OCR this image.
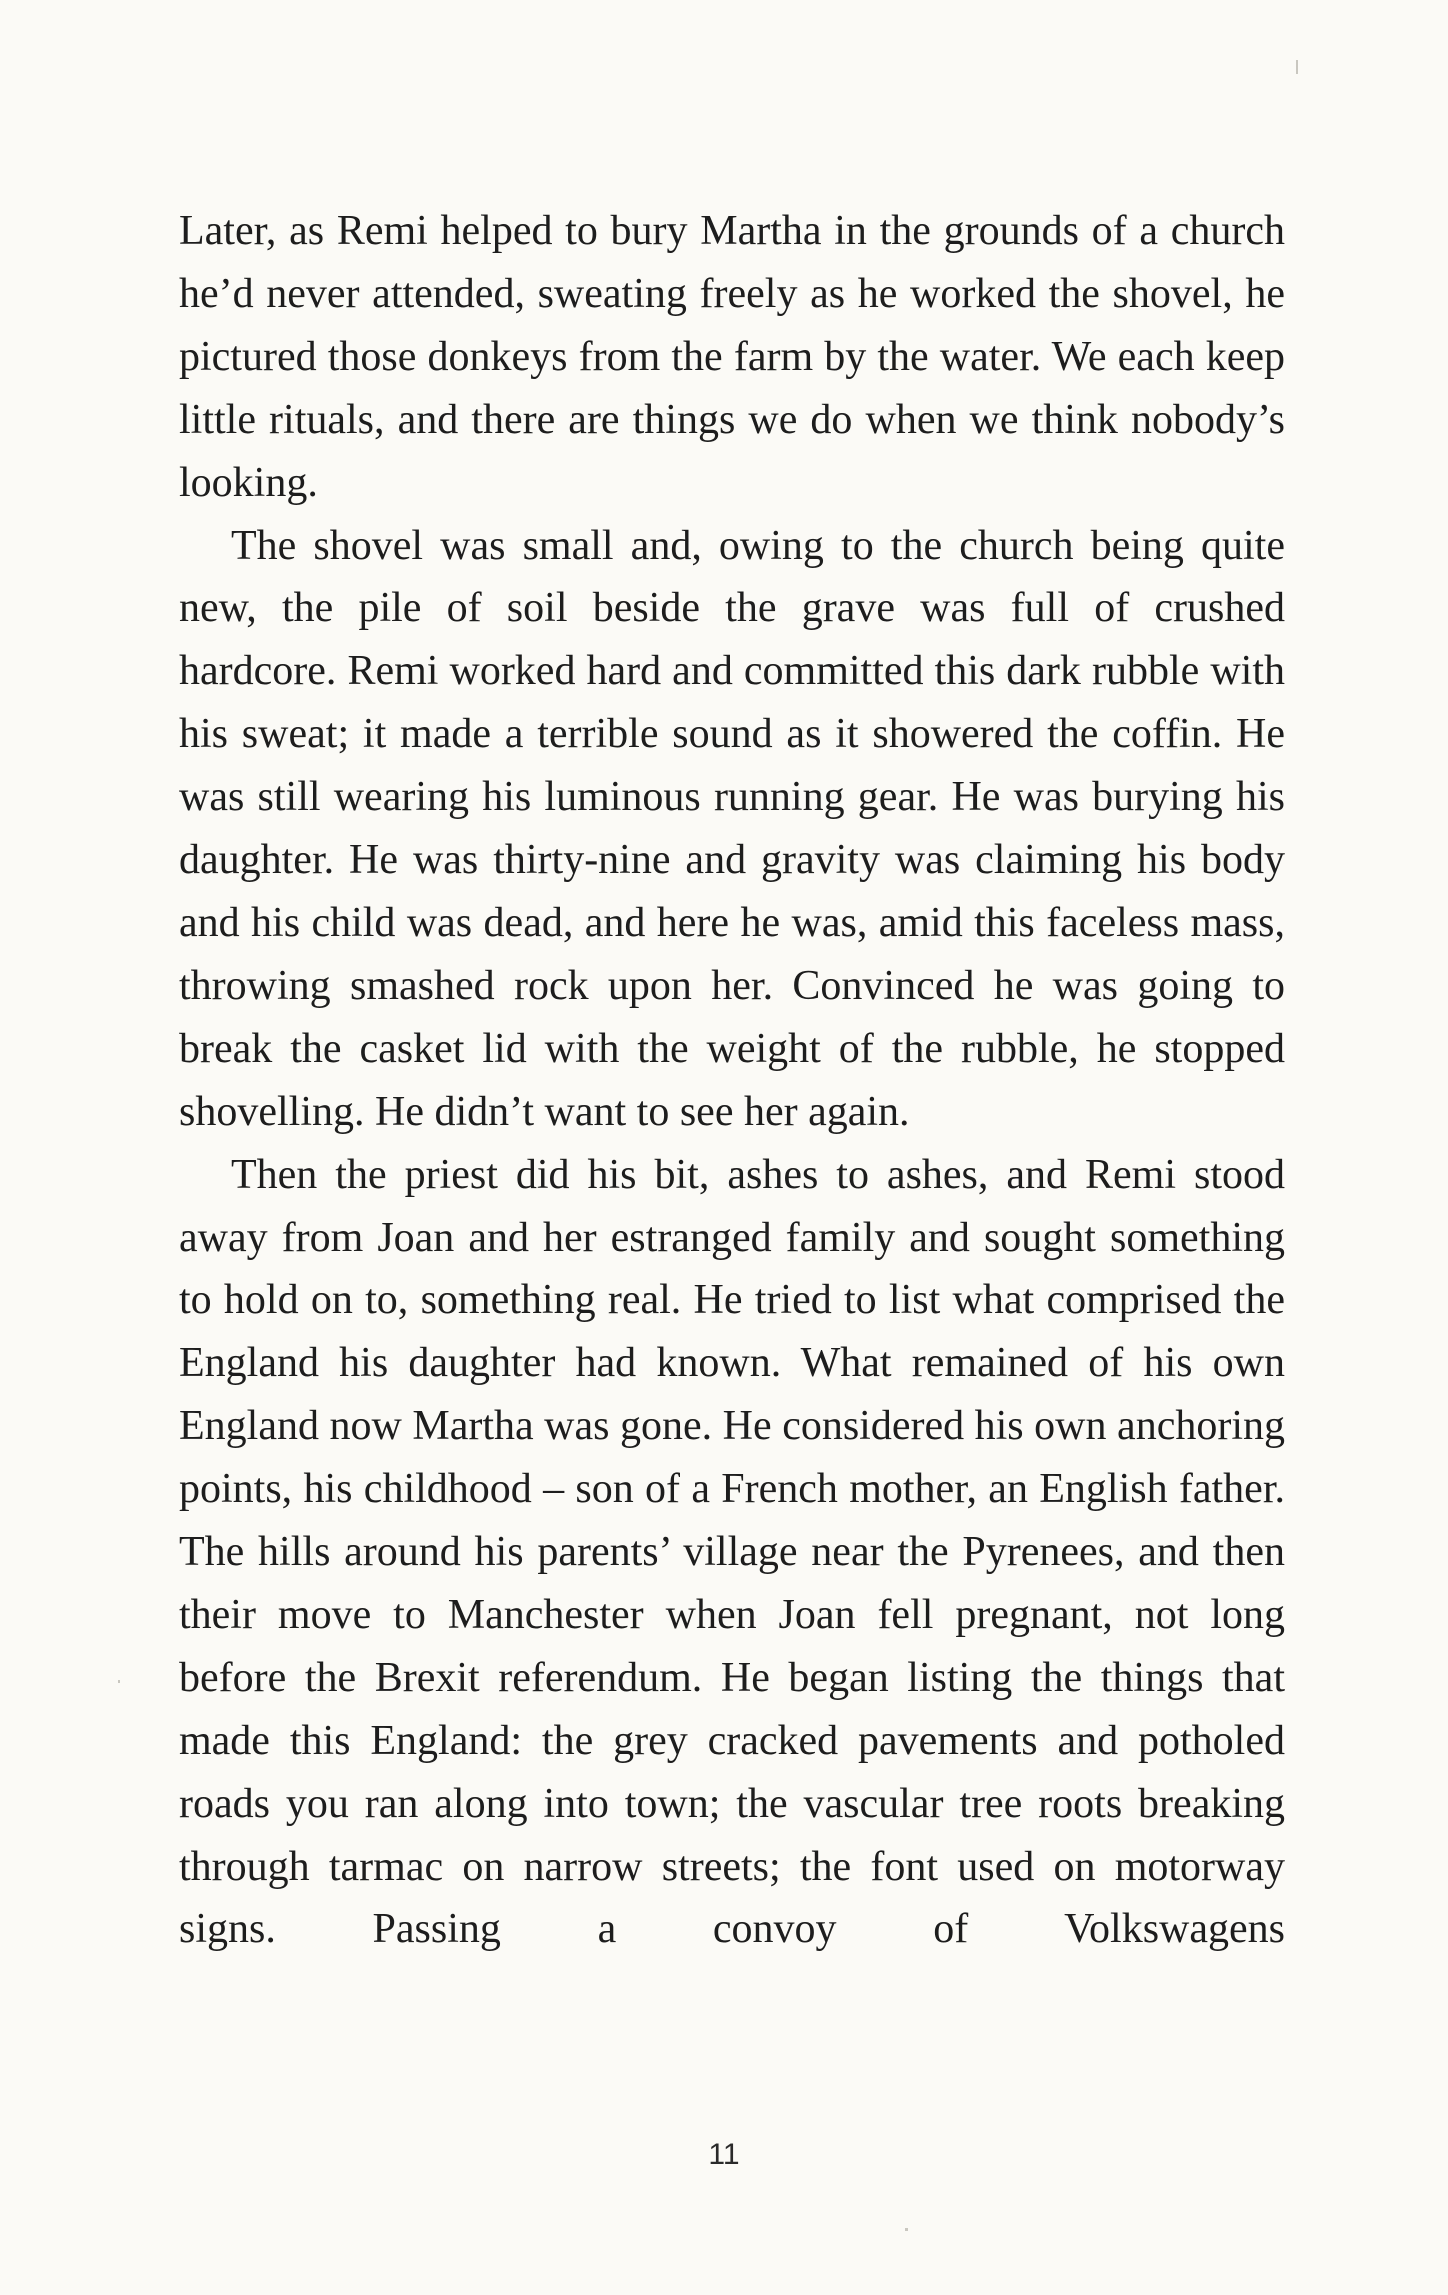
Later, as Remi helped to bury Martha in the grounds of a church he’d never attended, sweating freely as he worked the shovel, he pictured those donkeys from the farm by the water. We each keep little rituals, and there are things we do when we think nobody’s looking.

The shovel was small and, owing to the church being quite new, the pile of soil beside the grave was full of crushed hardcore. Remi worked hard and committed this dark rubble with his sweat; it made a terrible sound as it showered the coffin. He was still wearing his luminous running gear. He was burying his daughter. He was thirty-nine and gravity was claiming his body and his child was dead, and here he was, amid this faceless mass, throwing smashed rock upon her. Convinced he was going to break the casket lid with the weight of the rubble, he stopped shovelling. He didn’t want to see her again.

Then the priest did his bit, ashes to ashes, and Remi stood away from Joan and her estranged family and sought something to hold on to, something real. He tried to list what comprised the England his daughter had known. What remained of his own England now Martha was gone. He considered his own anchoring points, his childhood – son of a French mother, an English father. The hills around his parents’ village near the Pyrenees, and then their move to Manchester when Joan fell pregnant, not long before the Brexit referendum. He began listing the things that made this England: the grey cracked pavements and potholed roads you ran along into town; the vascular tree roots breaking through tarmac on narrow streets; the font used on motorway signs. Passing a convoy of Volkswagens

11
